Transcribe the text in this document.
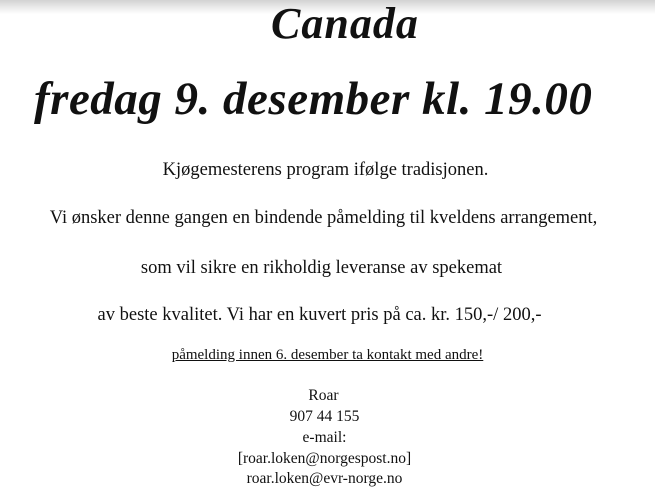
Canada
fredag 9. desember kl. 19.00
Kjøgemesterens program ifølge tradisjonen.
Vi ønsker denne gangen en bindende påmelding til kveldens arrangement,
som vil sikre en rikholdig leveranse av spekemat
av beste kvalitet. Vi har en kuvert pris på ca. kr. 150,-/ 200,-
påmelding innen 6. desember ta kontakt med andre!
Roar
907 44 155
e-mail:
[roar.loken@norgespost.no]
roar.loken@evr-norge.no
